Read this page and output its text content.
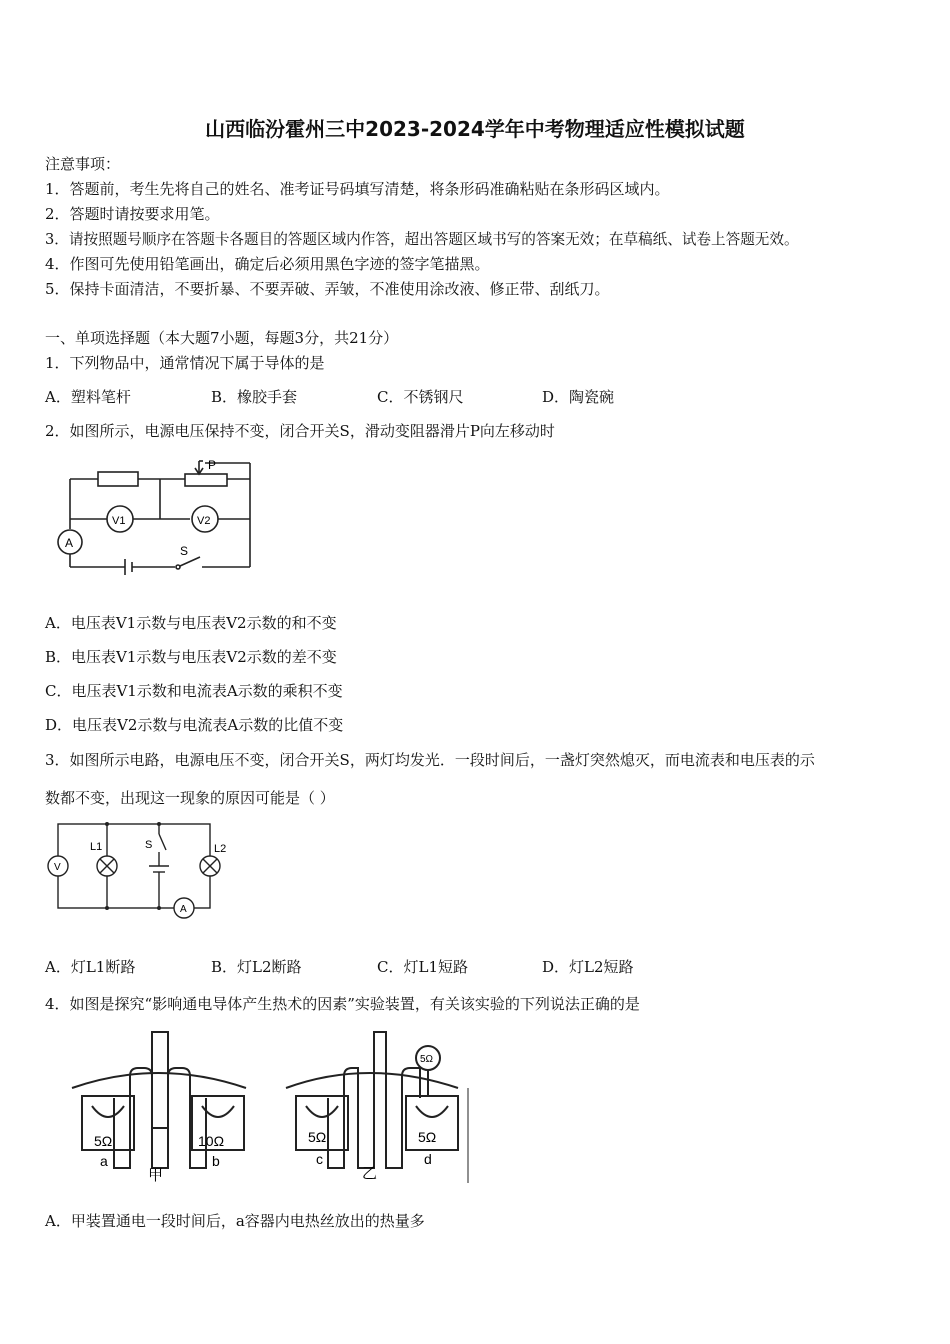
山西临汾霍州三中2023-2024学年中考物理适应性模拟试题
注意事项：
1．答题前，考生先将自己的姓名、准考证号码填写清楚，将条形码准确粘贴在条形码区域内。
2．答题时请按要求用笔。
3．请按照题号顺序在答题卡各题目的答题区域内作答，超出答题区域书写的答案无效；在草稿纸、试卷上答题无效。
4．作图可先使用铅笔画出，确定后必须用黑色字迹的签字笔描黑。
5．保持卡面清洁，不要折暴、不要弄破、弄皱，不准使用涂改液、修正带、刮纸刀。
一、单项选择题（本大题7小题，每题3分，共21分）
1．下列物品中，通常情况下属于导体的是
A．塑料笔杆	B．橡胶手套	C．不锈钢尺	D．陶瓷碗
2．如图所示，电源电压保持不变，闭合开关S，滑动变阻器滑片P向左移动时
P
V1	V2
A
S
A．电压表V1示数与电压表V2示数的和不变
B．电压表V1示数与电压表V2示数的差不变
C．电压表V1示数和电流表A示数的乘积不变
D．电压表V2示数与电流表A示数的比值不变
3．如图所示电路，电源电压不变，闭合开关S，两灯均发光．一段时间后，一盏灯突然熄灭，而电流表和电压表的示
数都不变，出现这一现象的原因可能是（ ）
V
L1	S	L2
A
A．灯L1断路	B．灯L2断路	C．灯L1短路	D．灯L2短路
4．如图是探究“影响通电导体产生热术的因素”实验装置，有关该实验的下列说法正确的是
5Ω	10Ω	5Ω	5Ω
5Ω
a	b	c	d
甲	乙
A．甲装置通电一段时间后，a容器内电热丝放出的热量多
